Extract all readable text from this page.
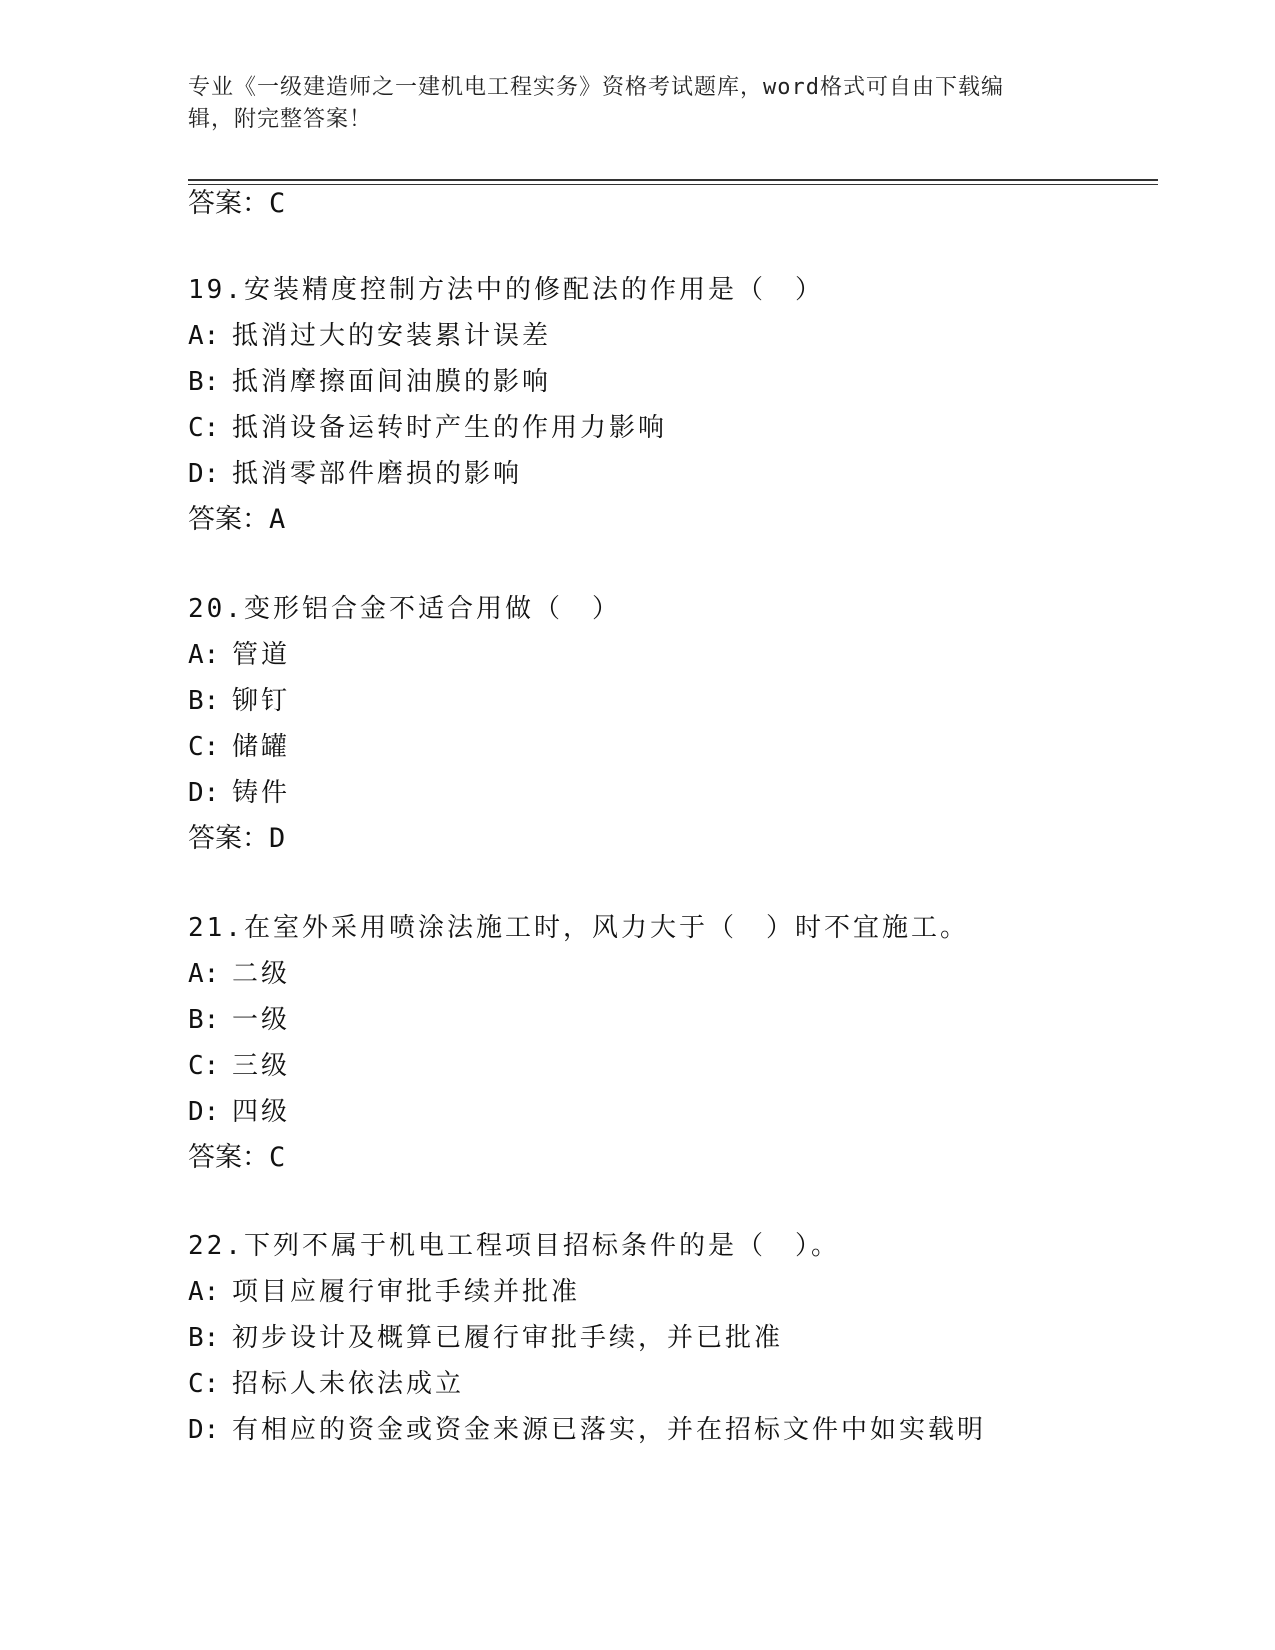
专业《一级建造师之一建机电工程实务》资格考试题库，word格式可自由下载编
辑，附完整答案！
答案：C
19.安装精度控制方法中的修配法的作用是（　）
A: 抵消过大的安装累计误差
B: 抵消摩擦面间油膜的影响
C: 抵消设备运转时产生的作用力影响
D: 抵消零部件磨损的影响
答案：A
20.变形铝合金不适合用做（　）
A: 管道
B: 铆钉
C: 储罐
D: 铸件
答案：D
21.在室外采用喷涂法施工时，风力大于（　）时不宜施工。
A: 二级
B: 一级
C: 三级
D: 四级
答案：C
22.下列不属于机电工程项目招标条件的是（　）。
A: 项目应履行审批手续并批准
B: 初步设计及概算已履行审批手续，并已批准
C: 招标人未依法成立
D: 有相应的资金或资金来源已落实，并在招标文件中如实载明
